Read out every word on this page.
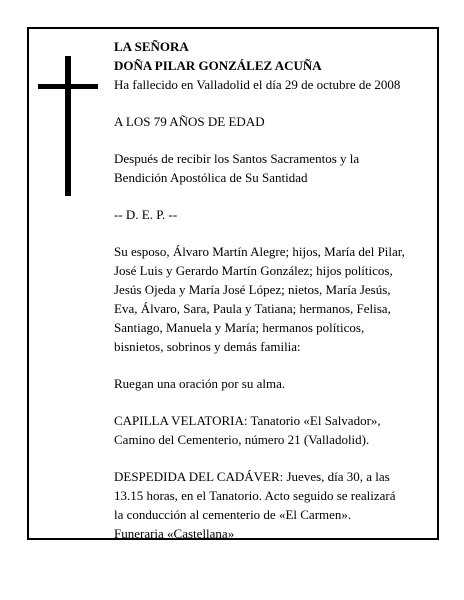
LA SEÑORA

DOÑA PILAR GONZÁLEZ ACUÑA

Ha fallecido en Valladolid el día 29 de octubre de 2008

A LOS 79 AÑOS DE EDAD

Después de recibir los Santos Sacramentos y la

Bendición Apostólica de Su Santidad

-- D. E. P. --

Su esposo, Álvaro Martín Alegre; hijos, María del Pilar,

José Luis y Gerardo Martín González; hijos políticos,

Jesús Ojeda y María José López; nietos, María Jesús,

Eva, Álvaro, Sara, Paula y Tatiana; hermanos, Felisa,

Santiago, Manuela y María; hermanos políticos,

bisnietos, sobrinos y demás familia:

Ruegan una oración por su alma.

CAPILLA VELATORIA: Tanatorio «El Salvador»,

Camino del Cementerio, número 21 (Valladolid).

DESPEDIDA DEL CADÁVER: Jueves, día 30, a las

13.15 horas, en el Tanatorio. Acto seguido se realizará

la conducción al cementerio de «El Carmen».

Funeraria «Castellana»
